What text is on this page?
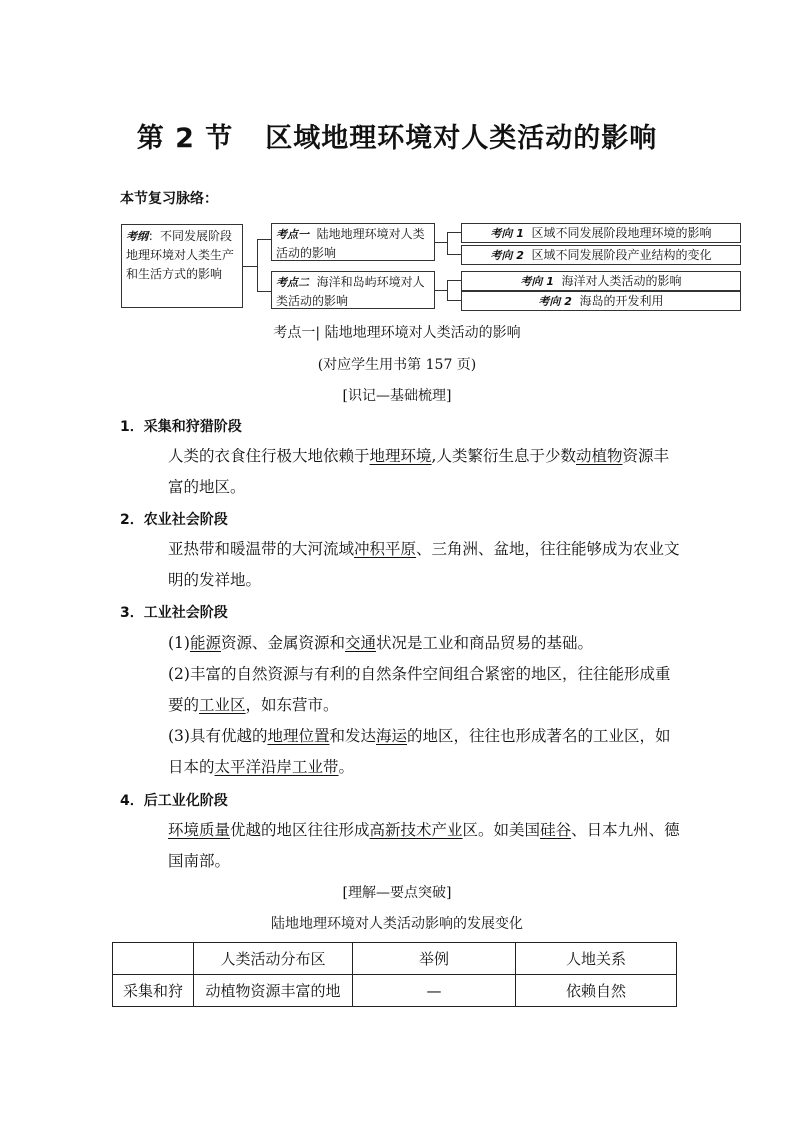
第 2 节 区域地理环境对人类活动的影响
本节复习脉络：
考纲：不同发展阶段地理环境对人类生产和生活方式的影响
考点一 陆地地理环境对人类活动的影响
考点二 海洋和岛屿环境对人类活动的影响
考向 1 区域不同发展阶段地理环境的影响
考向 2 区域不同发展阶段产业结构的变化
考向 1 海洋对人类活动的影响
考向 2 海岛的开发利用
考点一| 陆地地理环境对人类活动的影响
(对应学生用书第 157 页)
[识记—基础梳理]
1．采集和狩猎阶段
人类的衣食住行极大地依赖于地理环境,人类繁衍生息于少数动植物资源丰富的地区。
2．农业社会阶段
亚热带和暖温带的大河流域冲积平原、三角洲、盆地，往往能够成为农业文明的发祥地。
3．工业社会阶段
(1)能源资源、金属资源和交通状况是工业和商品贸易的基础。
(2)丰富的自然资源与有利的自然条件空间组合紧密的地区，往往能形成重要的工业区，如东营市。
(3)具有优越的地理位置和发达海运的地区，往往也形成著名的工业区，如日本的太平洋沿岸工业带。
4．后工业化阶段
环境质量优越的地区往往形成高新技术产业区。如美国硅谷、日本九州、德国南部。
[理解—要点突破]
陆地地理环境对人类活动影响的发展变化
	人类活动分布区	举例	人地关系
采集和狩	动植物资源丰富的地	—	依赖自然
